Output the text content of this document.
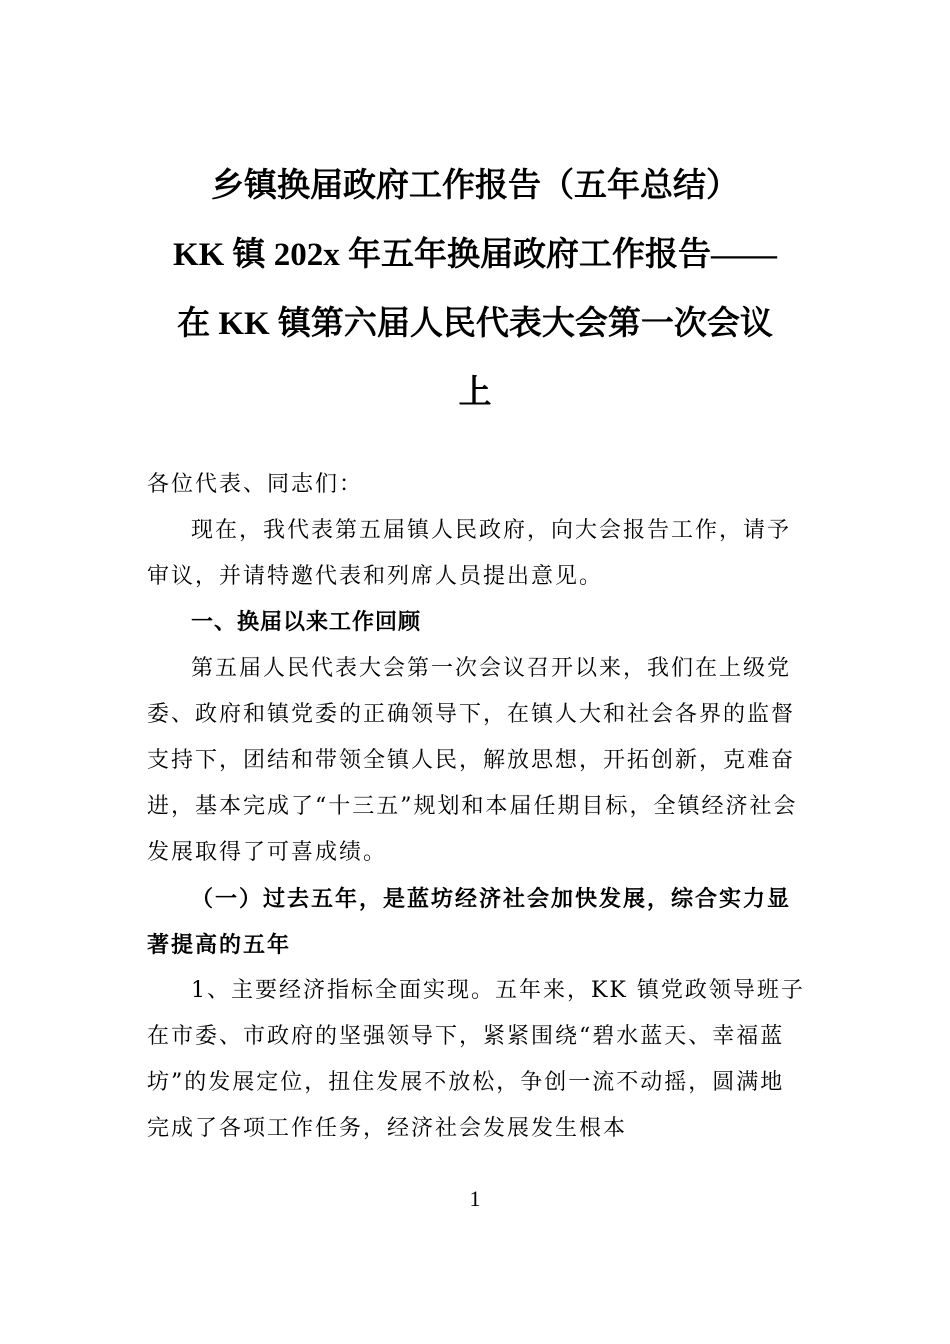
乡镇换届政府工作报告（五年总结）
KK 镇 202x 年五年换届政府工作报告——
在 KK 镇第六届人民代表大会第一次会议
上

各位代表、同志们：

现在，我代表第五届镇人民政府，向大会报告工作，请予审议，并请特邀代表和列席人员提出意见。

一、换届以来工作回顾

第五届人民代表大会第一次会议召开以来，我们在上级党委、政府和镇党委的正确领导下，在镇人大和社会各界的监督支持下，团结和带领全镇人民，解放思想，开拓创新，克难奋进，基本完成了“十三五”规划和本届任期目标，全镇经济社会发展取得了可喜成绩。

（一）过去五年，是蓝坊经济社会加快发展，综合实力显著提高的五年

1、主要经济指标全面实现。五年来，KK 镇党政领导班子在市委、市政府的坚强领导下，紧紧围绕“碧水蓝天、幸福蓝坊”的发展定位，扭住发展不放松，争创一流不动摇，圆满地完成了各项工作任务，经济社会发展发生根本

1
